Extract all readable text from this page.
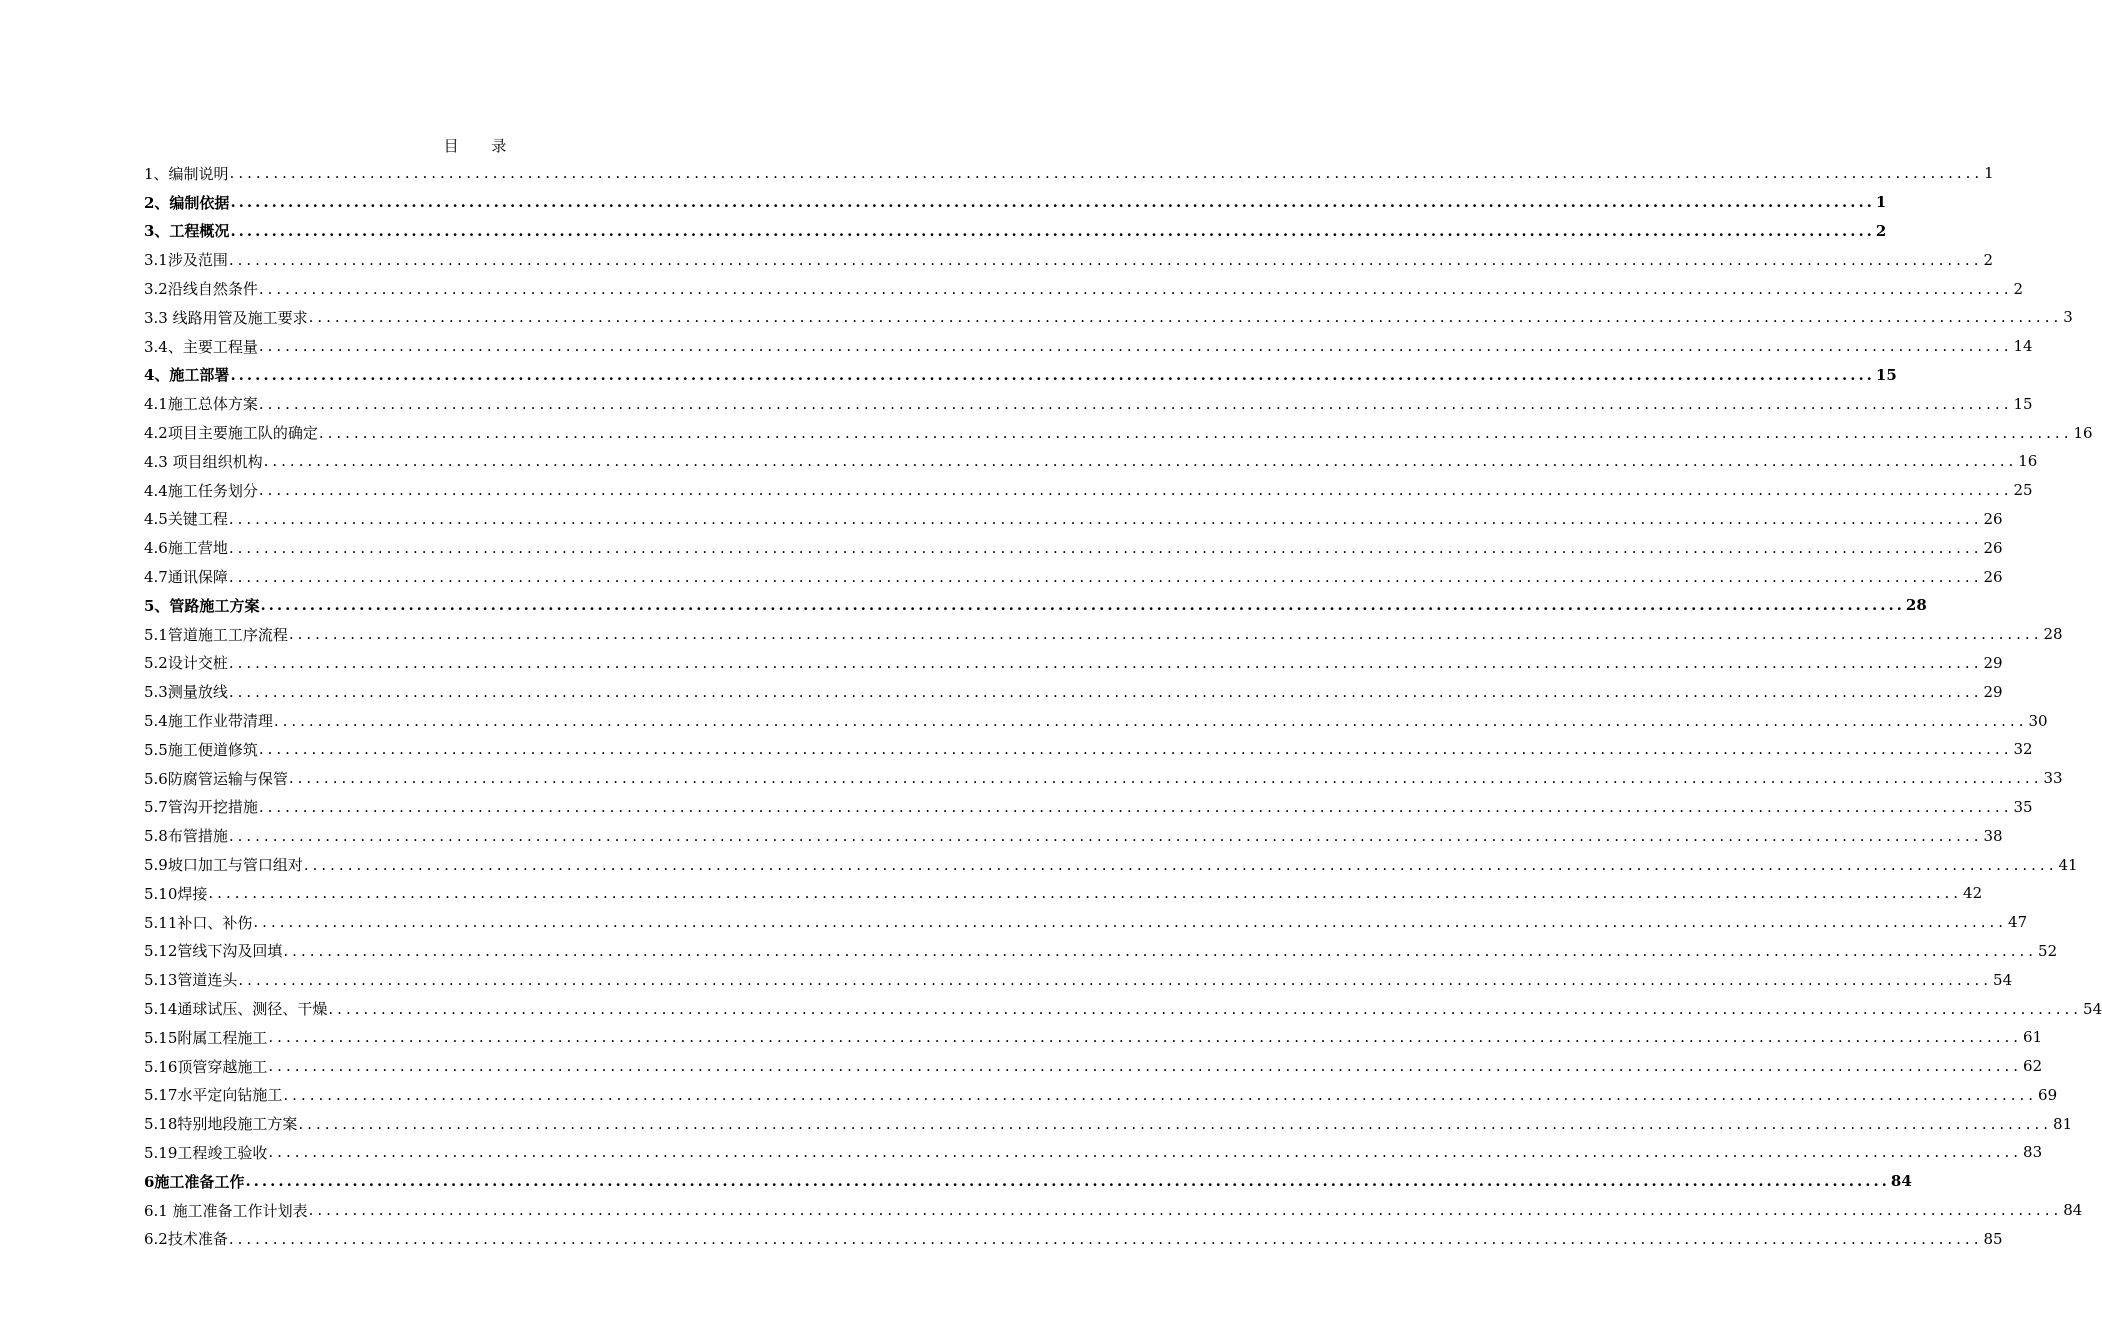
目 录
1、编制说明 ........................................................................................................................................................................................................ 1
2、编制依据 ........................................................................................................................................................................................................ 1
3、工程概况 ........................................................................................................................................................................................................ 2
3.1涉及范围 ........................................................................................................................................................................................................ 2
3.2沿线自然条件 ........................................................................................................................................................................................................ 2
3.3 线路用管及施工要求 ........................................................................................................................................................................................................ 3
3.4、主要工程量 ........................................................................................................................................................................................................ 14
4、施工部署 ........................................................................................................................................................................................................ 15
4.1施工总体方案 ........................................................................................................................................................................................................ 15
4.2项目主要施工队的确定 ........................................................................................................................................................................................................ 16
4.3 项目组织机构 ........................................................................................................................................................................................................ 16
4.4施工任务划分 ........................................................................................................................................................................................................ 25
4.5关键工程 ........................................................................................................................................................................................................ 26
4.6施工营地 ........................................................................................................................................................................................................ 26
4.7通讯保障 ........................................................................................................................................................................................................ 26
5、管路施工方案 ........................................................................................................................................................................................................ 28
5.1管道施工工序流程 ........................................................................................................................................................................................................ 28
5.2设计交桩 ........................................................................................................................................................................................................ 29
5.3测量放线 ........................................................................................................................................................................................................ 29
5.4施工作业带清理 ........................................................................................................................................................................................................ 30
5.5施工便道修筑 ........................................................................................................................................................................................................ 32
5.6防腐管运输与保管 ........................................................................................................................................................................................................ 33
5.7管沟开挖措施 ........................................................................................................................................................................................................ 35
5.8布管措施 ........................................................................................................................................................................................................ 38
5.9坡口加工与管口组对 ........................................................................................................................................................................................................ 41
5.10焊接 ........................................................................................................................................................................................................ 42
5.11补口、补伤 ........................................................................................................................................................................................................ 47
5.12管线下沟及回填 ........................................................................................................................................................................................................ 52
5.13管道连头 ........................................................................................................................................................................................................ 54
5.14通球试压、测径、干燥 ........................................................................................................................................................................................................ 54
5.15附属工程施工 ........................................................................................................................................................................................................ 61
5.16顶管穿越施工 ........................................................................................................................................................................................................ 62
5.17水平定向钻施工 ........................................................................................................................................................................................................ 69
5.18特别地段施工方案 ........................................................................................................................................................................................................ 81
5.19工程竣工验收 ........................................................................................................................................................................................................ 83
6施工准备工作 ........................................................................................................................................................................................................ 84
6.1 施工准备工作计划表 ........................................................................................................................................................................................................ 84
6.2技术准备 ........................................................................................................................................................................................................ 85
